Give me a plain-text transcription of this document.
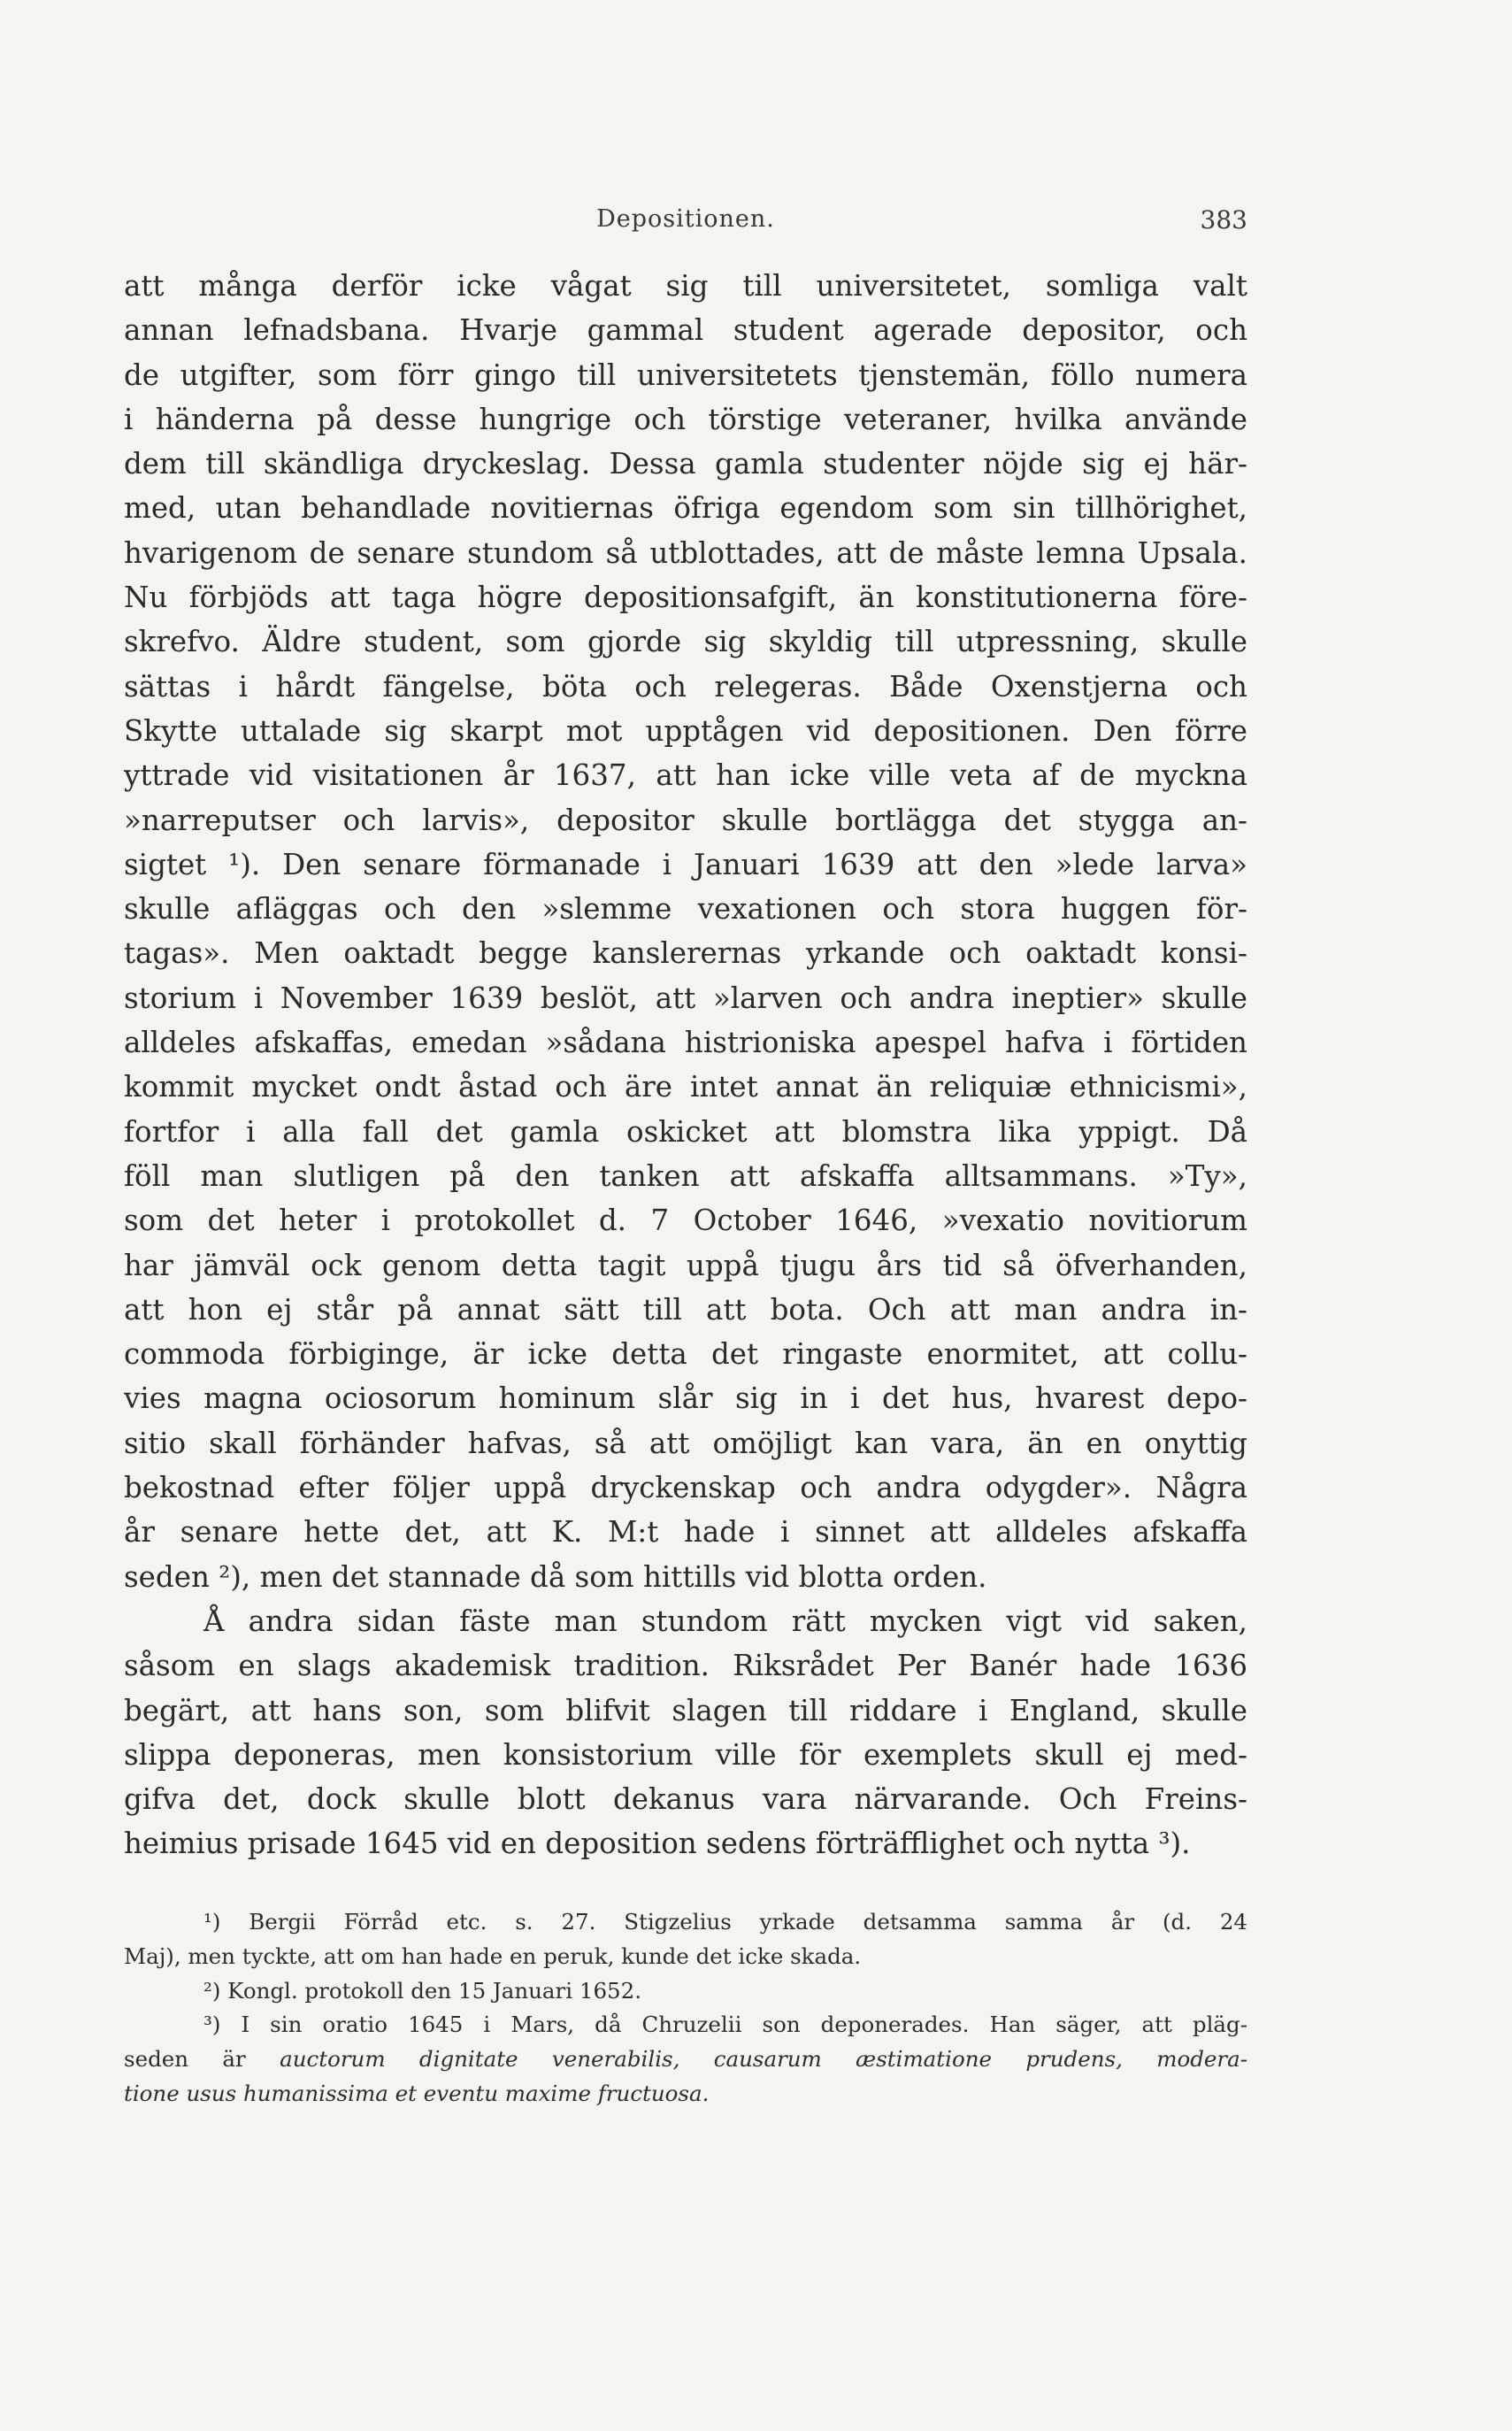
Depositionen.	383
att många derför icke vågat sig till universitetet, somliga valt
annan lefnadsbana. Hvarje gammal student agerade depositor, och
de utgifter, som förr gingo till universitetets tjenstemän, föllo numera
i händerna på desse hungrige och törstige veteraner, hvilka använde
dem till skändliga dryckeslag. Dessa gamla studenter nöjde sig ej här-
med, utan behandlade novitiernas öfriga egendom som sin tillhörighet,
hvarigenom de senare stundom så utblottades, att de måste lemna Upsala.
Nu förbjöds att taga högre depositionsafgift, än konstitutionerna före-
skrefvo. Äldre student, som gjorde sig skyldig till utpressning, skulle
sättas i hårdt fängelse, böta och relegeras. Både Oxenstjerna och
Skytte uttalade sig skarpt mot upptågen vid depositionen. Den förre
yttrade vid visitationen år 1637, att han icke ville veta af de myckna
»narreputser och larvis», depositor skulle bortlägga det stygga an-
sigtet ¹). Den senare förmanade i Januari 1639 att den »lede larva»
skulle afläggas och den »slemme vexationen och stora huggen för-
tagas». Men oaktadt begge kanslerernas yrkande och oaktadt konsi-
storium i November 1639 beslöt, att »larven och andra ineptier» skulle
alldeles afskaffas, emedan »sådana histrioniska apespel hafva i förtiden
kommit mycket ondt åstad och äre intet annat än reliquiæ ethnicismi»,
fortfor i alla fall det gamla oskicket att blomstra lika yppigt. Då
föll man slutligen på den tanken att afskaffa alltsammans. »Ty»,
som det heter i protokollet d. 7 October 1646, »vexatio novitiorum
har jämväl ock genom detta tagit uppå tjugu års tid så öfverhanden,
att hon ej står på annat sätt till att bota. Och att man andra in-
commoda förbiginge, är icke detta det ringaste enormitet, att collu-
vies magna ociosorum hominum slår sig in i det hus, hvarest depo-
sitio skall förhänder hafvas, så att omöjligt kan vara, än en onyttig
bekostnad efter följer uppå dryckenskap och andra odygder». Några
år senare hette det, att K. M:t hade i sinnet att alldeles afskaffa
seden ²), men det stannade då som hittills vid blotta orden.
Å andra sidan fäste man stundom rätt mycken vigt vid saken,
såsom en slags akademisk tradition. Riksrådet Per Banér hade 1636
begärt, att hans son, som blifvit slagen till riddare i England, skulle
slippa deponeras, men konsistorium ville för exemplets skull ej med-
gifva det, dock skulle blott dekanus vara närvarande. Och Freins-
heimius prisade 1645 vid en deposition sedens förträfflighet och nytta ³).
¹) Bergii Förråd etc. s. 27. Stigzelius yrkade detsamma samma år (d. 24
Maj), men tyckte, att om han hade en peruk, kunde det icke skada.
²) Kongl. protokoll den 15 Januari 1652.
³) I sin oratio 1645 i Mars, då Chruzelii son deponerades. Han säger, att pläg-
seden är auctorum dignitate venerabilis, causarum æstimatione prudens, modera-
tione usus humanissima et eventu maxime fructuosa.
